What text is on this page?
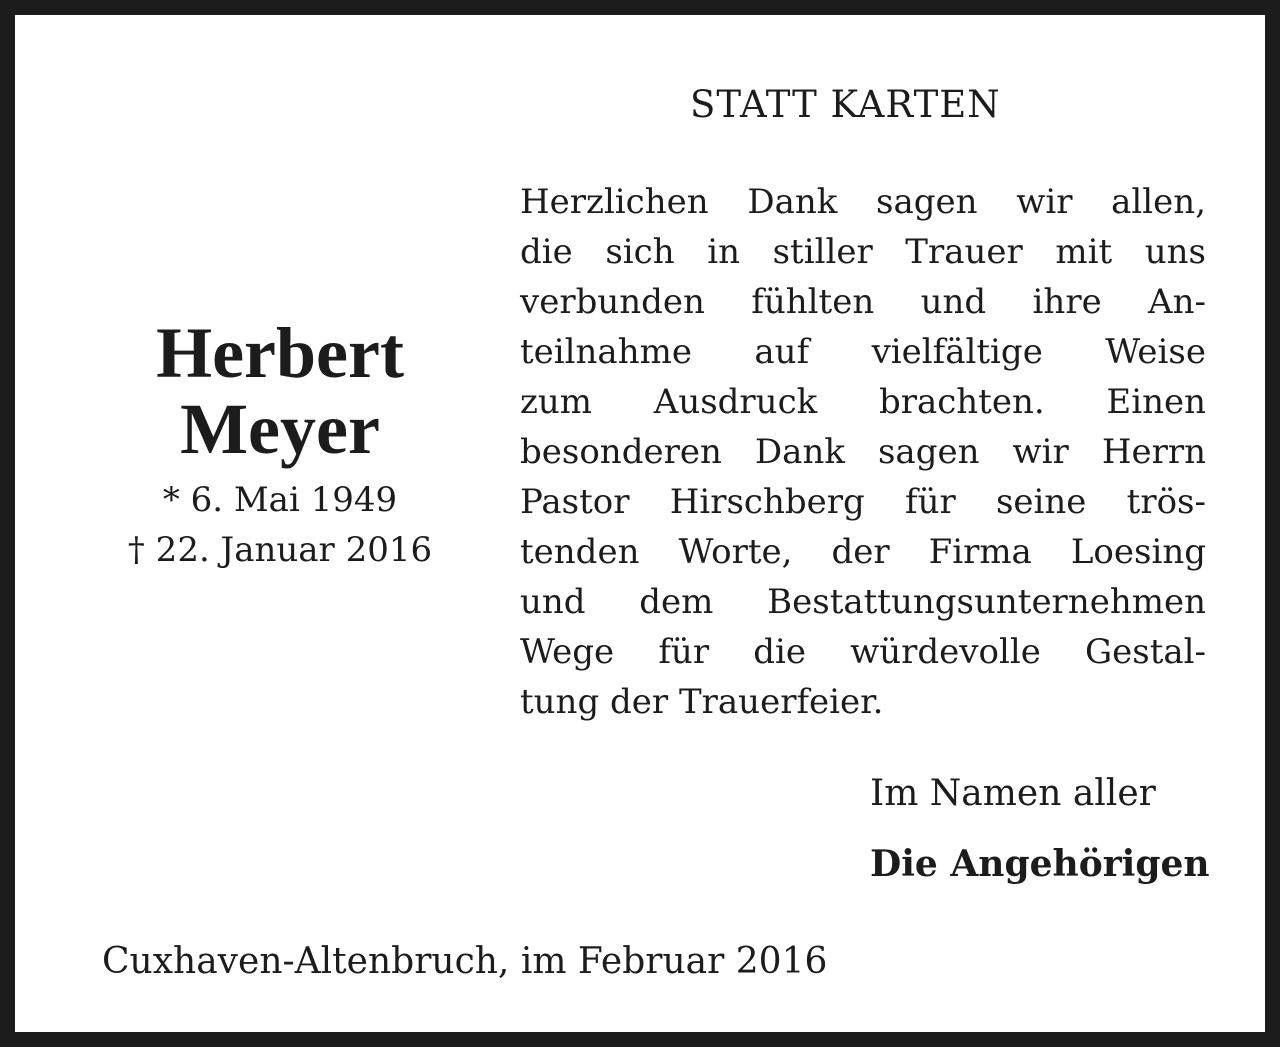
STATT KARTEN
Herbert
Meyer
* 6. Mai 1949
† 22. Januar 2016
Herzlichen Dank sagen wir allen,
die sich in stiller Trauer mit uns
verbunden fühlten und ihre An-
teilnahme auf vielfältige Weise
zum Ausdruck brachten. Einen
besonderen Dank sagen wir Herrn
Pastor Hirschberg für seine trös-
tenden Worte, der Firma Loesing
und dem Bestattungsunternehmen
Wege für die würdevolle Gestal-
tung der Trauerfeier.
Im Namen aller
Die Angehörigen
Cuxhaven-Altenbruch, im Februar 2016
